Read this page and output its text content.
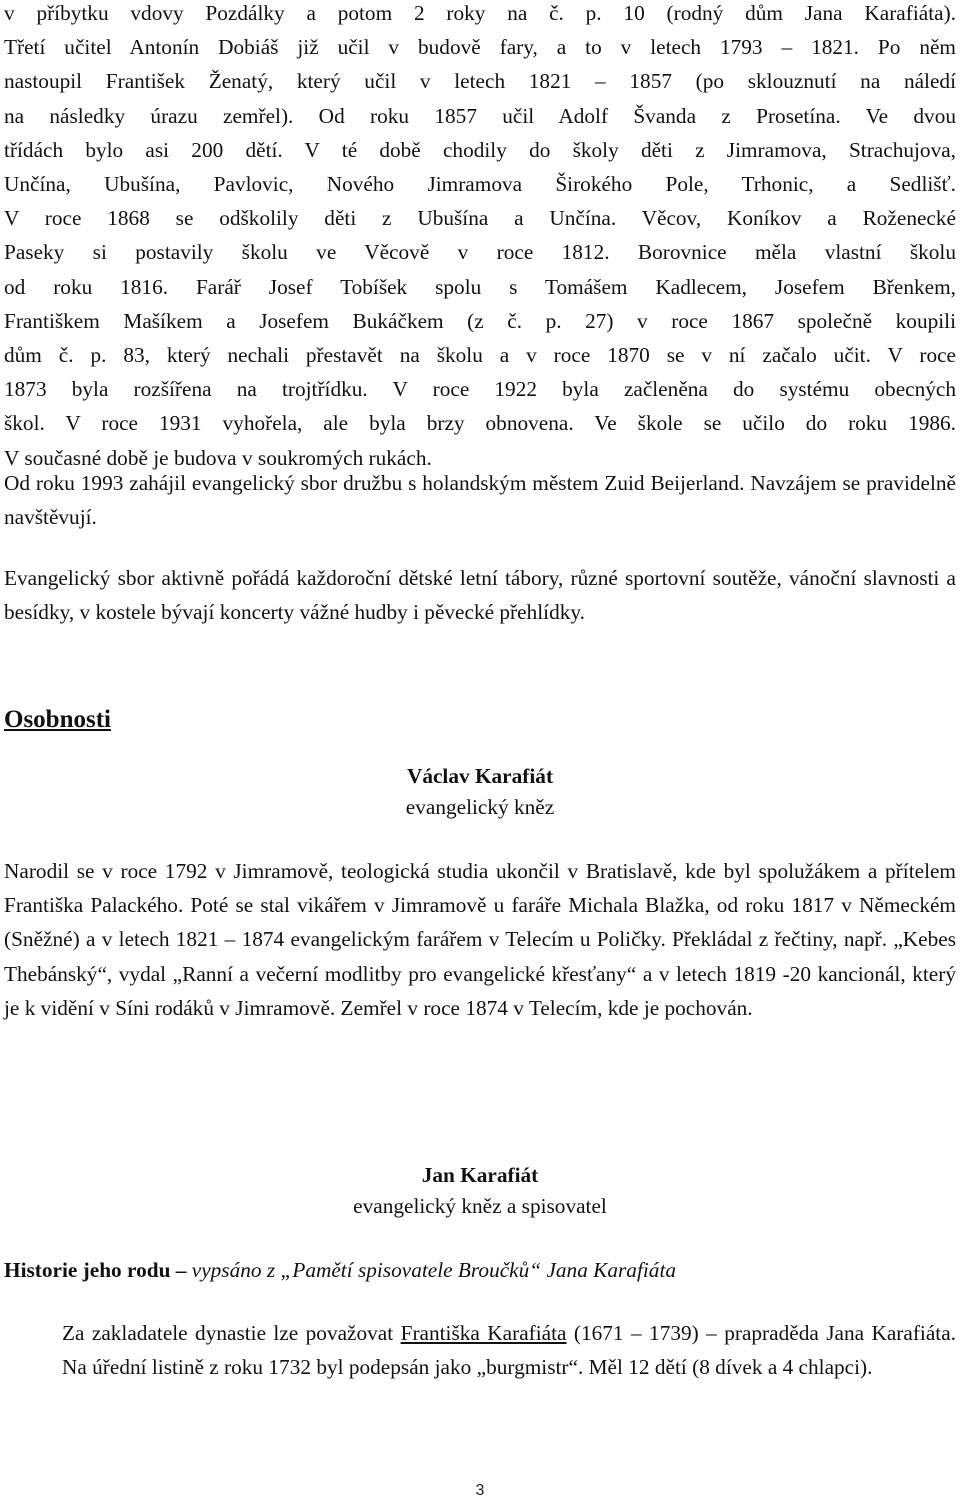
v příbytku vdovy Pozdálky a potom 2 roky na č. p. 10 (rodný dům Jana Karafiáta).
Třetí učitel Antonín Dobiáš již učil v budově fary, a to v letech 1793 – 1821. Po něm
nastoupil František Ženatý, který učil v letech 1821 – 1857 (po sklouznutí na náledí
na následky úrazu zemřel). Od roku 1857 učil Adolf Švanda z Prosetína. Ve dvou
třídách bylo asi 200 dětí. V té době chodily do školy děti z Jimramova, Strachujova,
Unčína, Ubušína, Pavlovic, Nového Jimramova Širokého Pole, Trhonic, a Sedlišť.
V roce 1868 se odškolily děti z Ubušína a Unčína. Věcov, Koníkov a Roženecké
Paseky si postavily školu ve Věcově v roce 1812. Borovnice měla vlastní školu
od roku 1816. Farář Josef Tobíšek spolu s Tomášem Kadlecem, Josefem Břenkem,
Františkem Mašíkem a Josefem Bukáčkem (z č. p. 27) v roce 1867 společně koupili
dům č. p. 83, který nechali přestavět na školu a v roce 1870 se v ní začalo učit. V roce
1873 byla rozšířena na trojtřídku. V roce 1922 byla začleněna do systému obecných
škol. V roce 1931 vyhořela, ale byla brzy obnovena. Ve škole se učilo do roku 1986.
V současné době je budova v soukromých rukách.

Od roku 1993 zahájil evangelický sbor družbu s holandským městem Zuid Beijerland. Navzájem se pravidelně navštěvují.

Evangelický sbor aktivně pořádá každoroční dětské letní tábory, různé sportovní soutěže, vánoční slavnosti a besídky, v kostele bývají koncerty vážné hudby i pěvecké přehlídky.

Osobnosti
Václav Karafiát
evangelický kněz

Narodil se v roce 1792 v Jimramově, teologická studia ukončil v Bratislavě, kde byl spolužákem a přítelem Františka Palackého. Poté se stal vikářem v Jimramově u faráře Michala Blažka, od roku 1817 v Německém (Sněžné) a v letech 1821 – 1874 evangelickým farářem v Telecím u Poličky. Překládal z řečtiny, např. „Kebes Thebánský“, vydal „Ranní a večerní modlitby pro evangelické křesťany“ a v letech 1819 -20 kancionál, který je k vidění v Síni rodáků v Jimramově. Zemřel v roce 1874 v Telecím, kde je pochován.

Jan Karafiát
evangelický kněz a spisovatel

Historie jeho rodu – vypsáno z „Pamětí spisovatele Broučků“ Jana Karafiáta

Za zakladatele dynastie lze považovat Františka Karafiáta (1671 – 1739) – prapradědа Jana Karafiáta. Na úřední listině z roku 1732 byl podepsán jako „burgmistr“. Měl 12 dětí (8 dívek a 4 chlapci).

3
